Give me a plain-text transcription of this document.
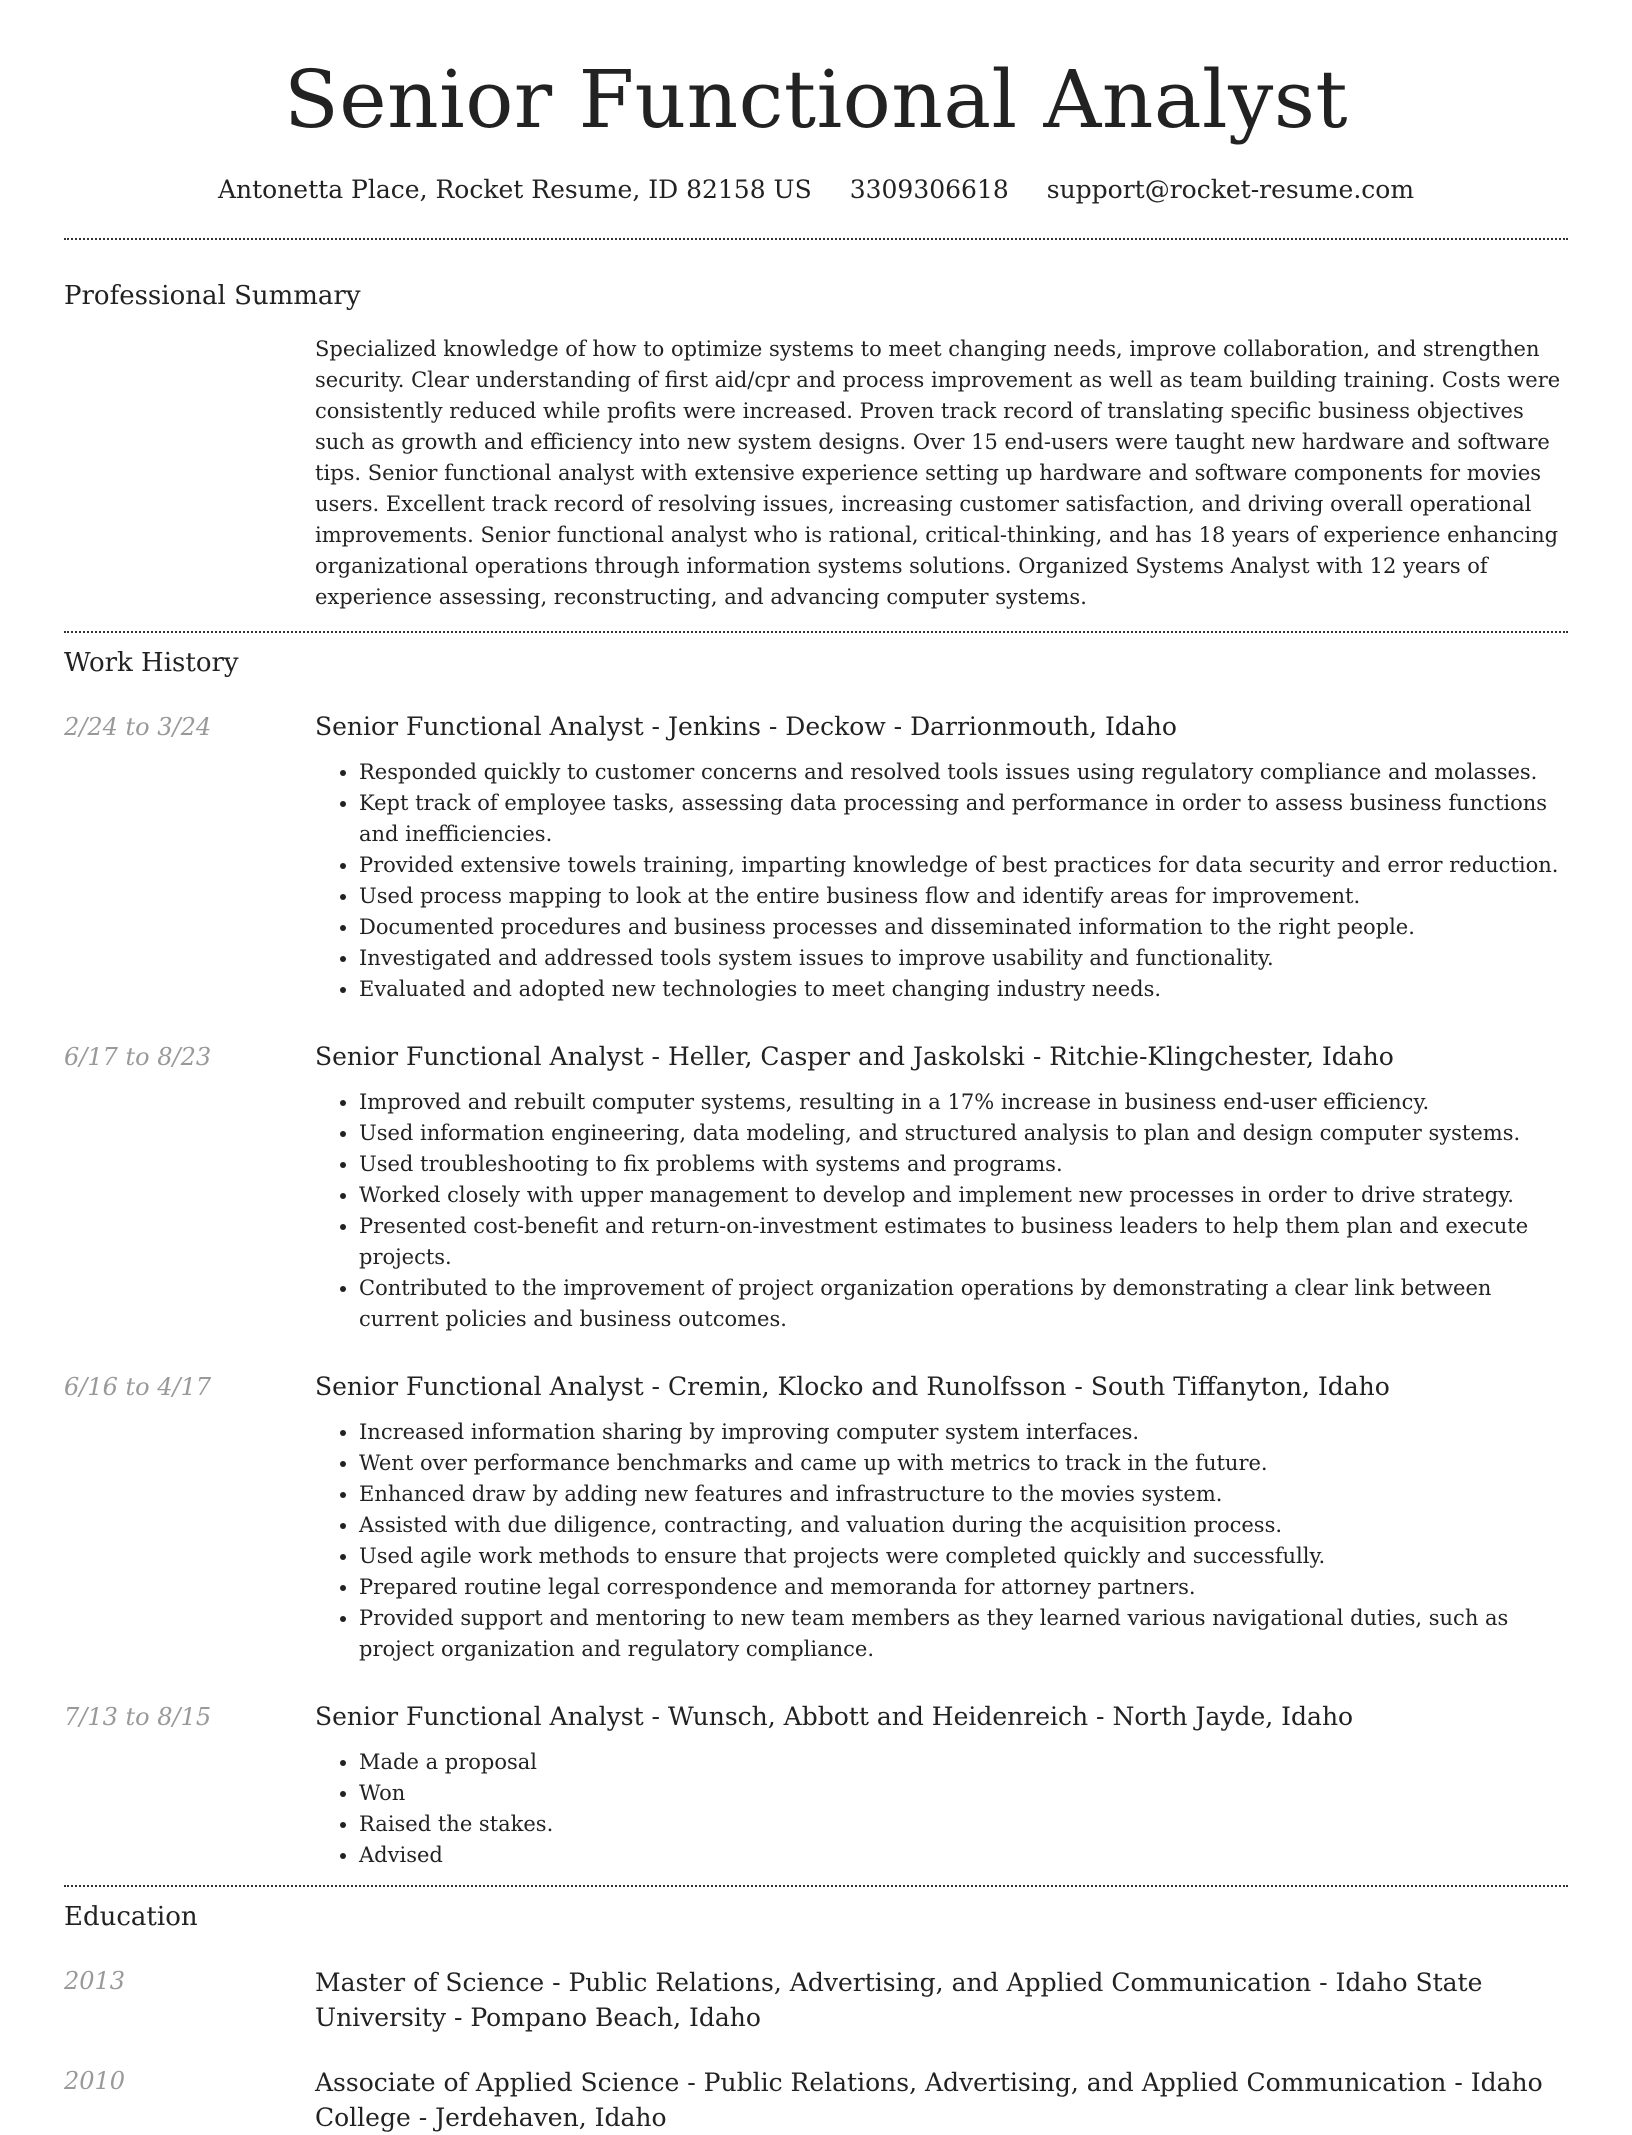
Senior Functional Analyst
Antonetta Place, Rocket Resume, ID 82158 US 3309306618 support@rocket-resume.com
Professional Summary

Specialized knowledge of how to optimize systems to meet changing needs, improve collaboration, and strengthen security. Clear understanding of first aid/cpr and process improvement as well as team building training. Costs were consistently reduced while profits were increased. Proven track record of translating specific business objectives such as growth and efficiency into new system designs. Over 15 end-users were taught new hardware and software tips. Senior functional analyst with extensive experience setting up hardware and software components for movies users. Excellent track record of resolving issues, increasing customer satisfaction, and driving overall operational improvements. Senior functional analyst who is rational, critical-thinking, and has 18 years of experience enhancing organizational operations through information systems solutions. Organized Systems Analyst with 12 years of experience assessing, reconstructing, and advancing computer systems.

Work History
2/24 to 3/24	Senior Functional Analyst - Jenkins - Deckow - Darrionmouth, Idaho
• Responded quickly to customer concerns and resolved tools issues using regulatory compliance and molasses.
• Kept track of employee tasks, assessing data processing and performance in order to assess business functions and inefficiencies.
• Provided extensive towels training, imparting knowledge of best practices for data security and error reduction.
• Used process mapping to look at the entire business flow and identify areas for improvement.
• Documented procedures and business processes and disseminated information to the right people.
• Investigated and addressed tools system issues to improve usability and functionality.
• Evaluated and adopted new technologies to meet changing industry needs.
6/17 to 8/23	Senior Functional Analyst - Heller, Casper and Jaskolski - Ritchie-Klingchester, Idaho
• Improved and rebuilt computer systems, resulting in a 17% increase in business end-user efficiency.
• Used information engineering, data modeling, and structured analysis to plan and design computer systems.
• Used troubleshooting to fix problems with systems and programs.
• Worked closely with upper management to develop and implement new processes in order to drive strategy.
• Presented cost-benefit and return-on-investment estimates to business leaders to help them plan and execute projects.
• Contributed to the improvement of project organization operations by demonstrating a clear link between current policies and business outcomes.
6/16 to 4/17	Senior Functional Analyst - Cremin, Klocko and Runolfsson - South Tiffanyton, Idaho
• Increased information sharing by improving computer system interfaces.
• Went over performance benchmarks and came up with metrics to track in the future.
• Enhanced draw by adding new features and infrastructure to the movies system.
• Assisted with due diligence, contracting, and valuation during the acquisition process.
• Used agile work methods to ensure that projects were completed quickly and successfully.
• Prepared routine legal correspondence and memoranda for attorney partners.
• Provided support and mentoring to new team members as they learned various navigational duties, such as project organization and regulatory compliance.
7/13 to 8/15	Senior Functional Analyst - Wunsch, Abbott and Heidenreich - North Jayde, Idaho
• Made a proposal
• Won
• Raised the stakes.
• Advised
Education
2013	Master of Science - Public Relations, Advertising, and Applied Communication - Idaho State University - Pompano Beach, Idaho
2010	Associate of Applied Science - Public Relations, Advertising, and Applied Communication - Idaho College - Jerdehaven, Idaho
